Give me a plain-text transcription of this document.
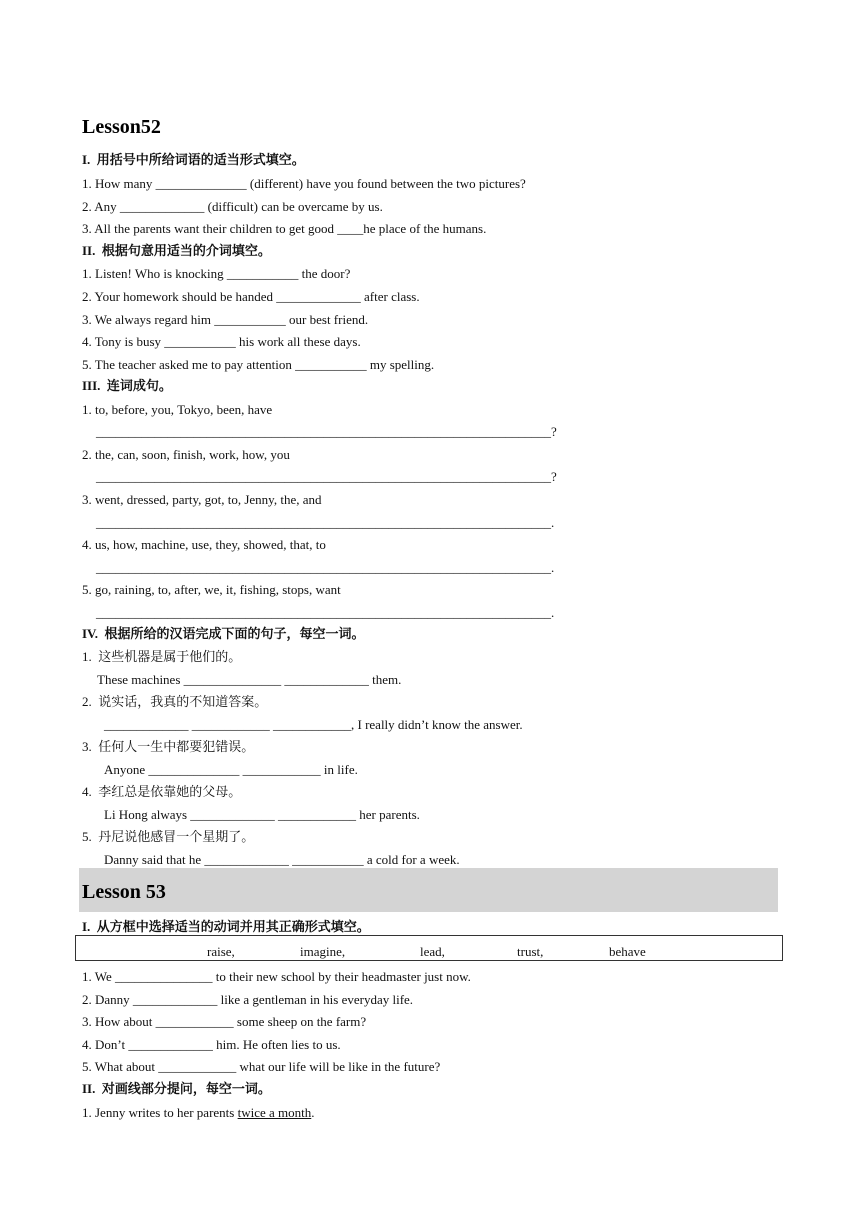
Lesson52
I.  用括号中所给词语的适当形式填空。
1. How many ______________ (different) have you found between the two pictures?
2. Any _____________ (difficult) can be overcame by us.
3. All the parents want their children to get good ____he place of the humans.
II.  根据句意用适当的介词填空。
1. Listen! Who is knocking ___________ the door?
2. Your homework should be handed _____________ after class.
3. We always regard him ___________ our best friend.
4. Tony is busy ___________ his work all these days.
5. The teacher asked me to pay attention ___________ my spelling.
III.  连词成句。
1. to, before, you, Tokyo, been, have
______________________________________________________________________?
2. the, can, soon, finish, work, how, you
______________________________________________________________________?
3. went, dressed, party, got, to, Jenny, the, and
______________________________________________________________________.
4. us, how, machine, use, they, showed, that, to
______________________________________________________________________.
5. go, raining, to, after, we, it, fishing, stops, want
______________________________________________________________________.
IV.  根据所给的汉语完成下面的句子，每空一词。
1.  这些机器是属于他们的。
These machines _______________ _____________ them.
2.  说实话，我真的不知道答案。
_____________ ____________ ____________, I really didn’t know the answer.
3.  任何人一生中都要犯错误。
Anyone ______________ ____________ in life.
4.  李红总是依靠她的父母。
Li Hong always _____________ ____________ her parents.
5.  丹尼说他感冒一个星期了。
Danny said that he _____________ ___________ a cold for a week.
Lesson 53
I.  从方框中选择适当的动词并用其正确形式填空。
raise,	imagine,	lead,	trust,	behave
1. We _______________ to their new school by their headmaster just now.
2. Danny _____________ like a gentleman in his everyday life.
3. How about ____________ some sheep on the farm?
4. Don’t _____________ him. He often lies to us.
5. What about ____________ what our life will be like in the future?
II.  对画线部分提问，每空一词。
1. Jenny writes to her parents twice a month.
